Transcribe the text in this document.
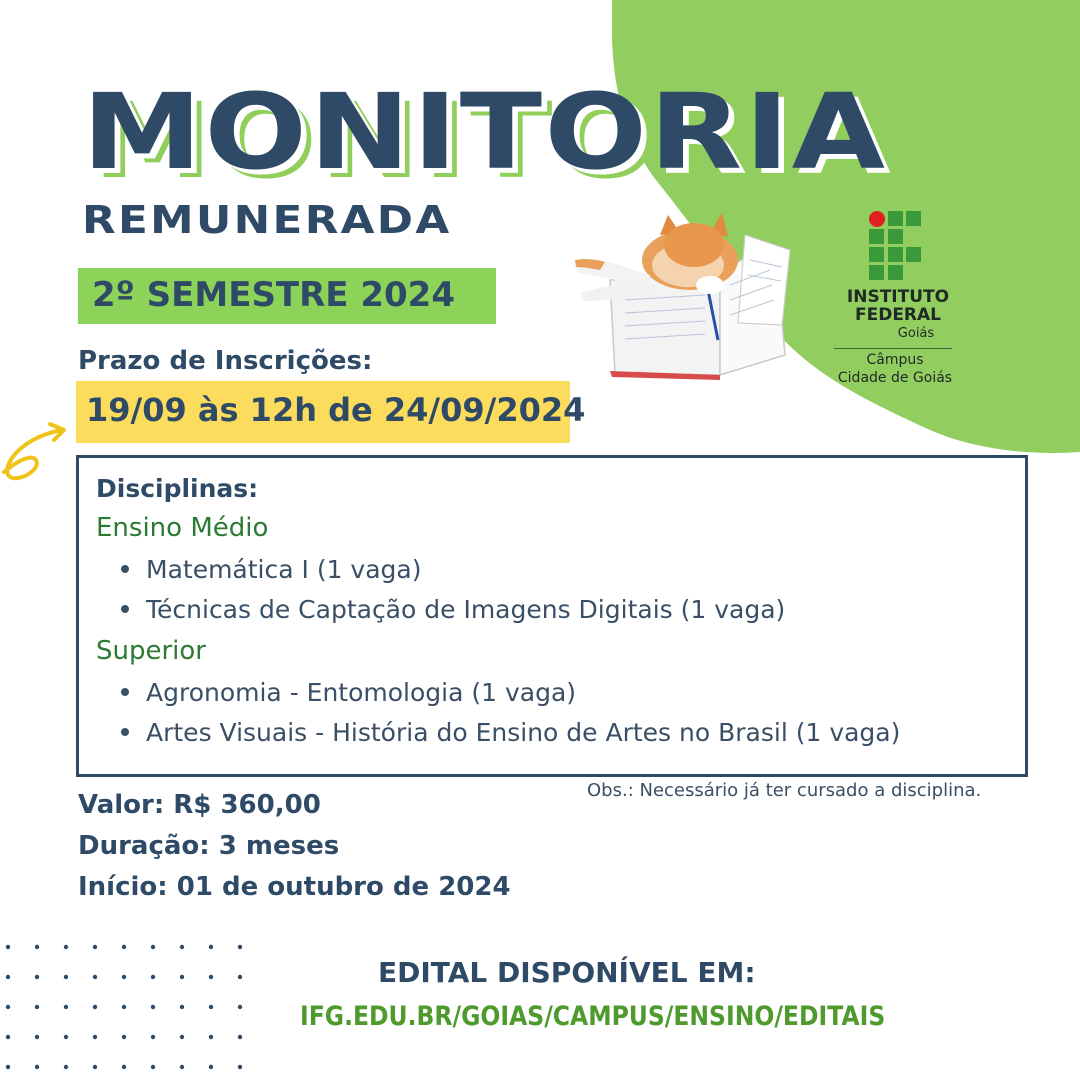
MONITORIA
REMUNERADA
2º SEMESTRE 2024	INSTITUTO
FEDERAL
Goiás
Câmpus
Cidade de Goiás
Prazo de Inscrições:
19/09 às 12h de 24/09/2024
Disciplinas:
Ensino Médio
Matemática I (1 vaga)
Técnicas de Captação de Imagens Digitais (1 vaga)
Superior
Agronomia - Entomologia (1 vaga)
Artes Visuais - História do Ensino de Artes no Brasil (1 vaga)
Obs.: Necessário já ter cursado a disciplina.
Valor: R$ 360,00
Duração: 3 meses
Início: 01 de outubro de 2024
EDITAL DISPONÍVEL EM:
IFG.EDU.BR/GOIAS/CAMPUS/ENSINO/EDITAIS
